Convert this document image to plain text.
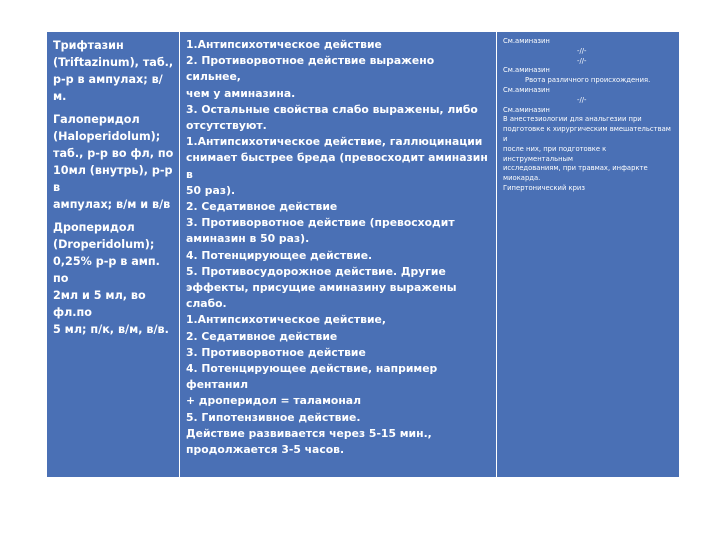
Трифтазин
(Triftazinum), таб.,
р-р в ампулах; в/м.
Галоперидол
(Haloperidolum);
таб., р-р во фл, по
10мл (внутрь), р-р в
ампулах; в/м и в/в
Дроперидол
(Droperidolum);
0,25% р-р в амп. по
2мл и 5 мл, во фл.по
5 мл; п/к, в/м, в/в.

1.Антипсихотическое действие
2. Противорвотное действие выражено сильнее,
чем у аминазина.
3. Остальные свойства слабо выражены, либо
отсутствуют.
1.Антипсихотическое действие, галлюцинации
снимает быстрее бреда (превосходит аминазин в
50 раз).
2. Седативное действие
3. Противорвотное действие (превосходит
аминазин в 50 раз).
4. Потенцирующее действие.
5. Противосудорожное действие. Другие
эффекты, присущие аминазину выражены слабо.
1.Антипсихотическое действие,
2. Седативное действие
3. Противорвотное действие
4. Потенцирующее действие, например фентанил
+ дроперидол = таламонал
5. Гипотензивное действие.
Действие развивается через 5-15 мин.,
продолжается 3-5 часов.

См.аминазин
-//-
-//-
См.аминазин
Рвота различного происхождения.
См.аминазин
-//-
См.аминазин
В анестезиологии для анальгезии при
подготовке к хирургическим вмешательствам и
после них, при подготовке к инструментальным
исследованиям, при травмах, инфаркте
миокарда.
Гипертонический криз
